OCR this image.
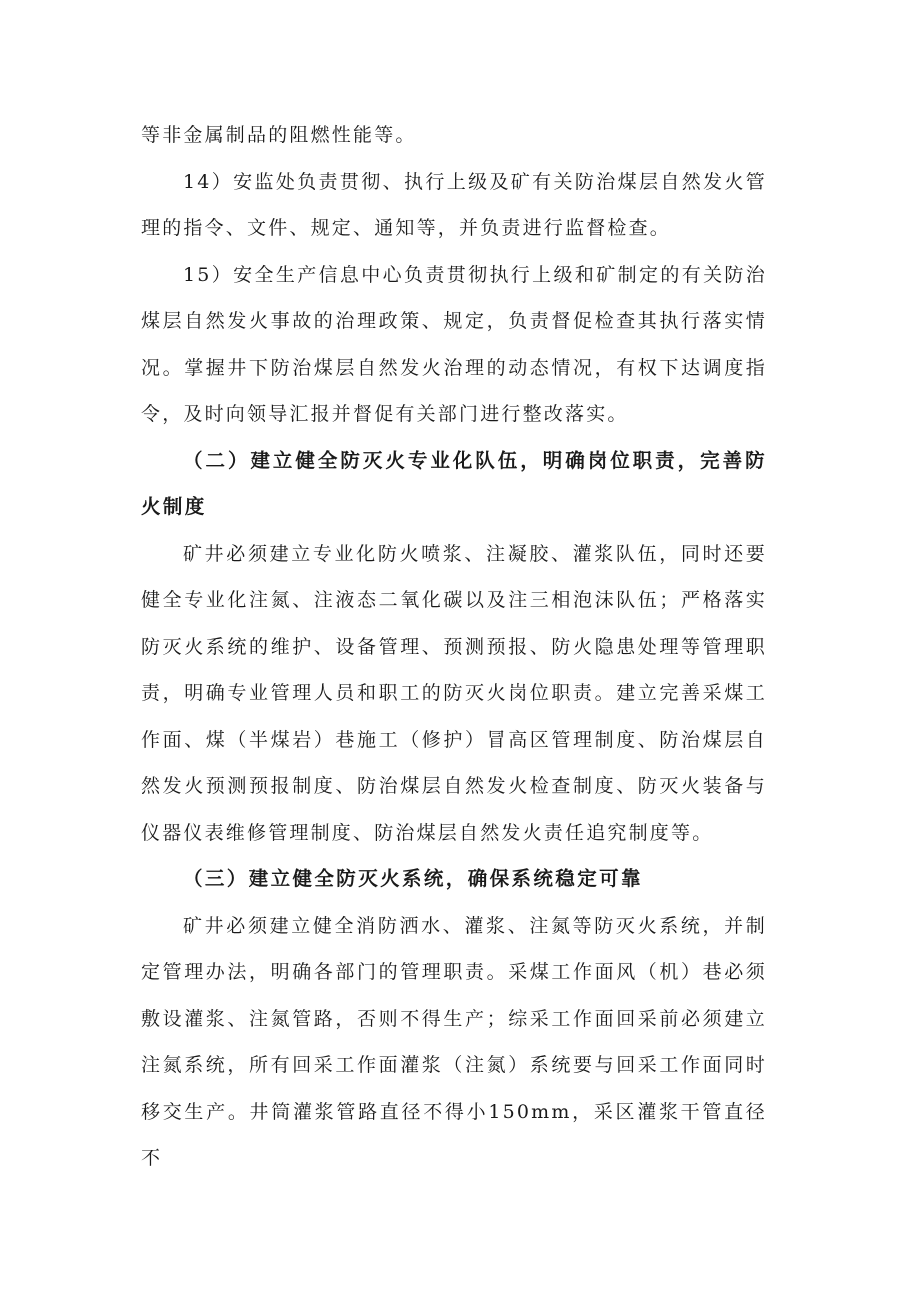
等非金属制品的阻燃性能等。

14）安监处负责贯彻、执行上级及矿有关防治煤层自然发火管理的指令、文件、规定、通知等，并负责进行监督检查。

15）安全生产信息中心负责贯彻执行上级和矿制定的有关防治煤层自然发火事故的治理政策、规定，负责督促检查其执行落实情况。掌握井下防治煤层自然发火治理的动态情况，有权下达调度指令，及时向领导汇报并督促有关部门进行整改落实。

（二）建立健全防灭火专业化队伍，明确岗位职责，完善防火制度

矿井必须建立专业化防火喷浆、注凝胶、灌浆队伍，同时还要健全专业化注氮、注液态二氧化碳以及注三相泡沫队伍；严格落实防灭火系统的维护、设备管理、预测预报、防火隐患处理等管理职责，明确专业管理人员和职工的防灭火岗位职责。建立完善采煤工作面、煤（半煤岩）巷施工（修护）冒高区管理制度、防治煤层自然发火预测预报制度、防治煤层自然发火检查制度、防灭火装备与仪器仪表维修管理制度、防治煤层自然发火责任追究制度等。

（三）建立健全防灭火系统，确保系统稳定可靠

矿井必须建立健全消防洒水、灌浆、注氮等防灭火系统，并制定管理办法，明确各部门的管理职责。采煤工作面风（机）巷必须敷设灌浆、注氮管路，否则不得生产；综采工作面回采前必须建立注氮系统，所有回采工作面灌浆（注氮）系统要与回采工作面同时移交生产。井筒灌浆管路直径不得小150mm，采区灌浆干管直径不
